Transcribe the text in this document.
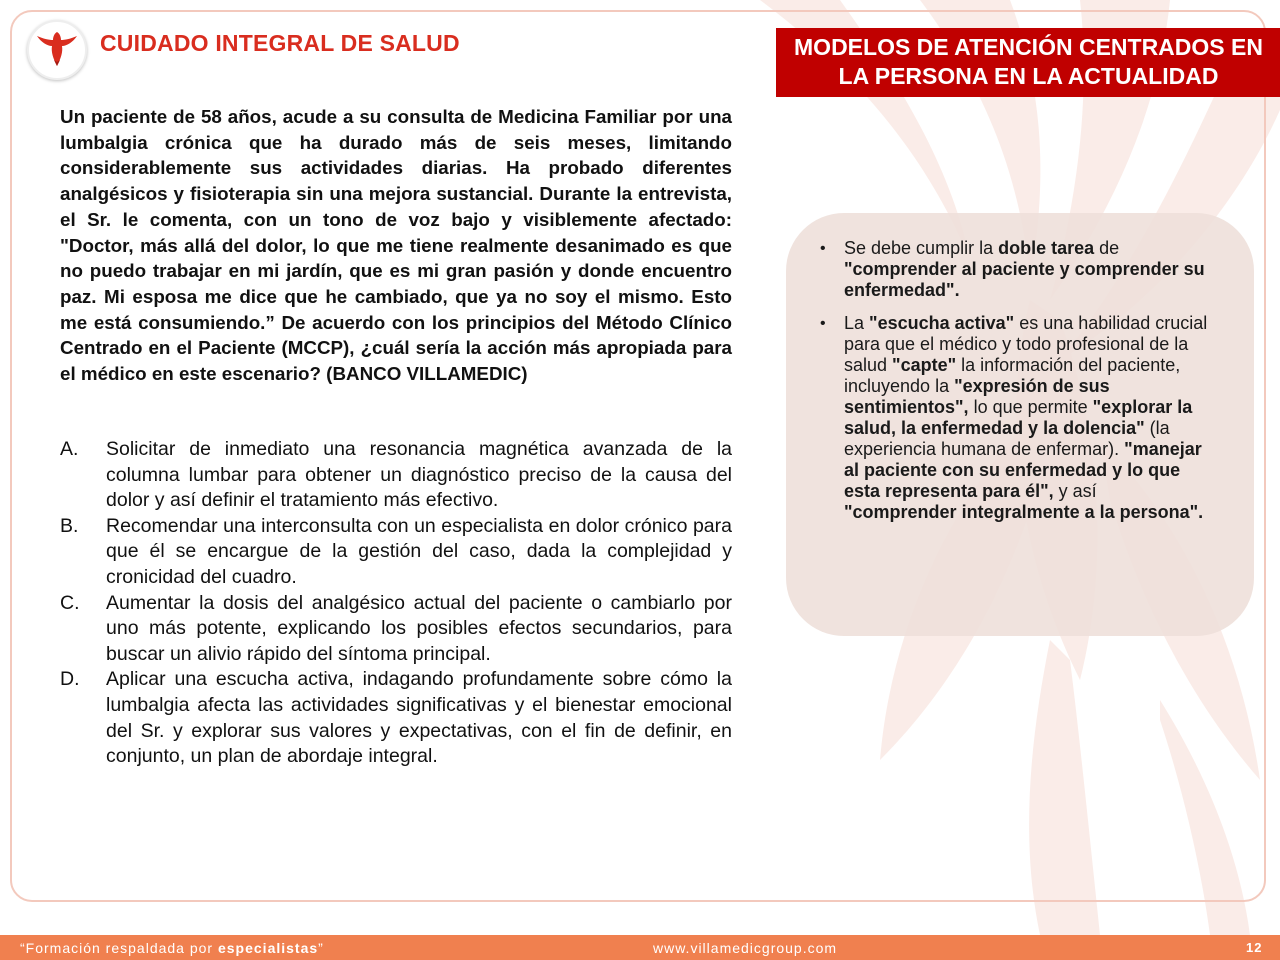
CUIDADO INTEGRAL DE SALUD	MODELOS DE ATENCIÓN CENTRADOS EN
LA PERSONA EN LA ACTUALIDAD

Un paciente de 58 años, acude a su consulta de Medicina Familiar por una lumbalgia crónica que ha durado más de seis meses, limitando considerablemente sus actividades diarias. Ha probado diferentes analgésicos y fisioterapia sin una mejora sustancial. Durante la entrevista, el Sr. le comenta, con un tono de voz bajo y visiblemente afectado: "Doctor, más allá del dolor, lo que me tiene realmente desanimado es que no puedo trabajar en mi jardín, que es mi gran pasión y donde encuentro paz. Mi esposa me dice que he cambiado, que ya no soy el mismo. Esto me está consumiendo.” De acuerdo con los principios del Método Clínico Centrado en el Paciente (MCCP), ¿cuál sería la acción más apropiada para el médico en este escenario? (BANCO VILLAMEDIC)

A.	Solicitar de inmediato una resonancia magnética avanzada de la columna lumbar para obtener un diagnóstico preciso de la causa del dolor y así definir el tratamiento más efectivo.
B.	Recomendar una interconsulta con un especialista en dolor crónico para que él se encargue de la gestión del caso, dada la complejidad y cronicidad del cuadro.
C.	Aumentar la dosis del analgésico actual del paciente o cambiarlo por uno más potente, explicando los posibles efectos secundarios, para buscar un alivio rápido del síntoma principal.
D.	Aplicar una escucha activa, indagando profundamente sobre cómo la lumbalgia afecta las actividades significativas y el bienestar emocional del Sr. y explorar sus valores y expectativas, con el fin de definir, en conjunto, un plan de abordaje integral.
•	Se debe cumplir la doble tarea de "comprender al paciente y comprender su enfermedad".
•	La "escucha activa" es una habilidad crucial para que el médico y todo profesional de la salud "capte" la información del paciente, incluyendo la "expresión de sus sentimientos", lo que permite "explorar la salud, la enfermedad y la dolencia" (la experiencia humana de enfermar). "manejar al paciente con su enfermedad y lo que esta representa para él", y así "comprender integralmente a la persona".
“Formación respaldada por especialistas”	www.villamedicgroup.com	12
